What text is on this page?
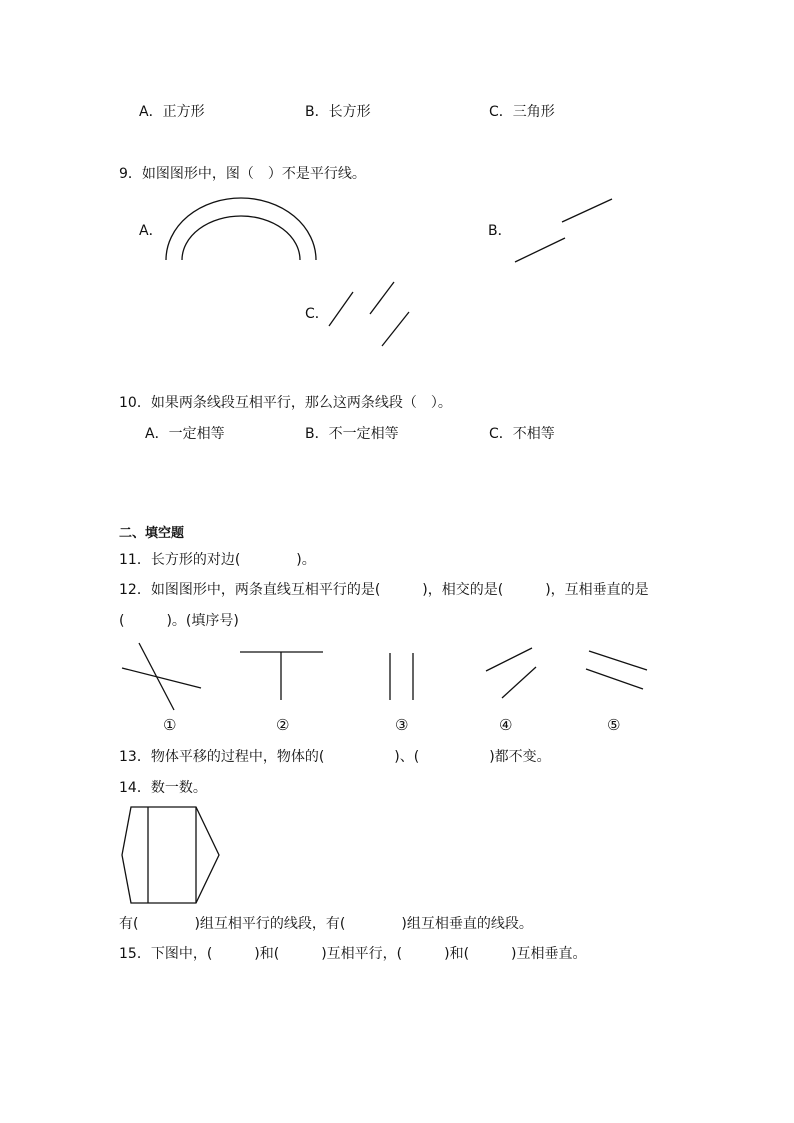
A．正方形	B．长方形	C．三角形
9．如图图形中，图（　）不是平行线。
A．	B．
C．
10．如果两条线段互相平行，那么这两条线段（　）。
A．一定相等	B．不一定相等	C．不相等
二、填空题
11．长方形的对边(　　　　)。
12．如图图形中，两条直线互相平行的是(　　　)，相交的是(　　　)，互相垂直的是
(　　　)。(填序号)
①	②	③	④	⑤
13．物体平移的过程中，物体的(　　　　　)、(　　　　　)都不变。
14．数一数。
有(　　　　)组互相平行的线段，有(　　　　)组互相垂直的线段。
15．下图中，(　　　)和(　　　)互相平行，(　　　)和(　　　)互相垂直。
